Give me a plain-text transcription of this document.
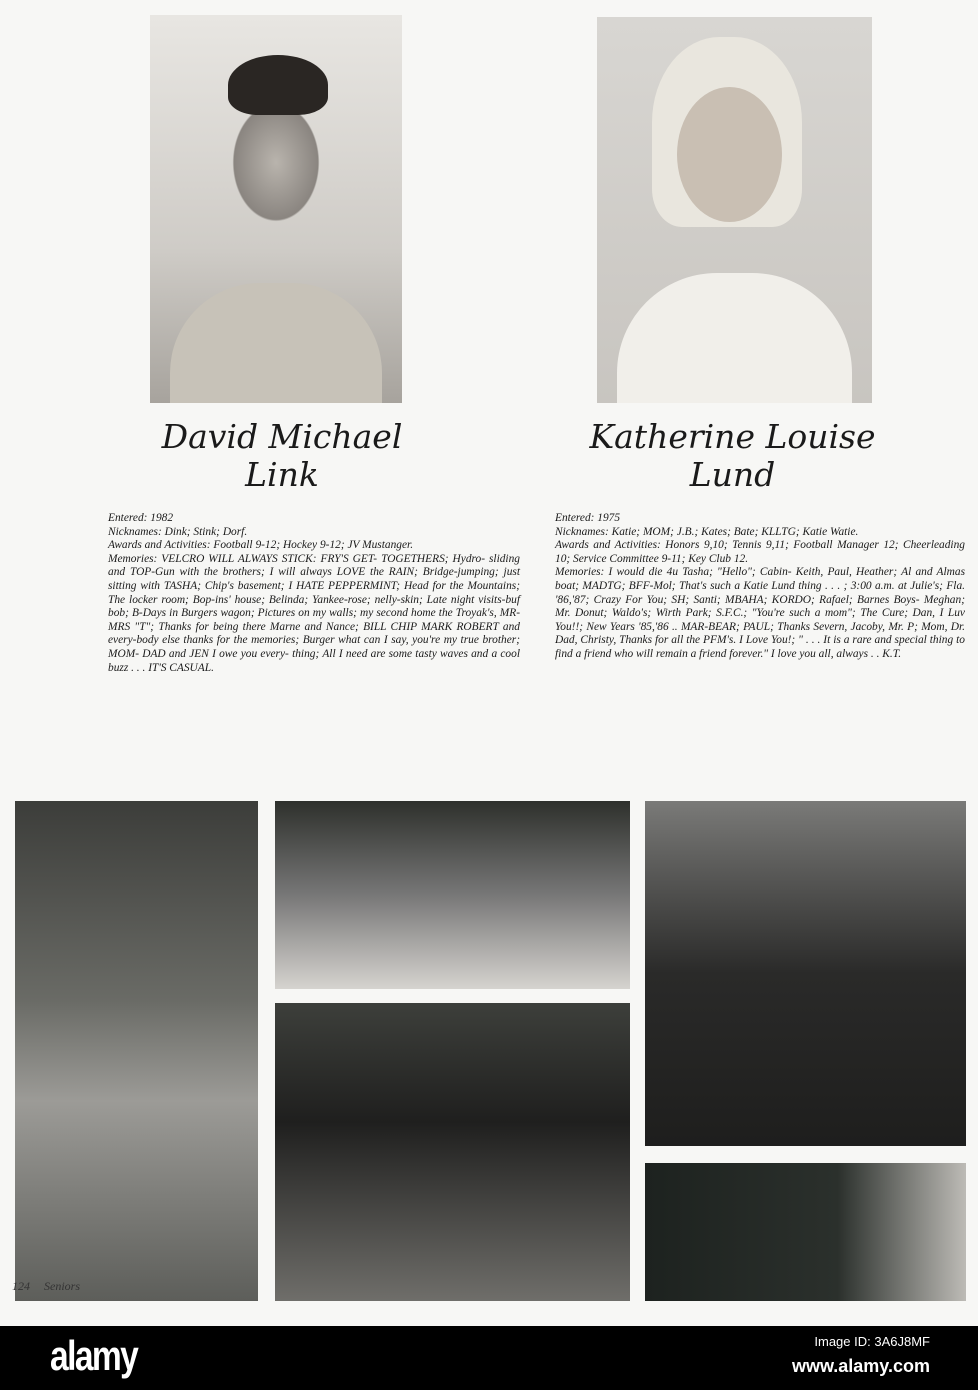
David Michael
Link
Katherine Louise
Lund

Entered: 1982

Nicknames: Dink; Stink; Dorf.

Awards and Activities: Football 9-12; Hockey 9-12; JV Mustanger.

Memories: VELCRO WILL ALWAYS STICK: FRY'S GET- TOGETHERS; Hydro- sliding and TOP-Gun with the brothers; I will always LOVE the RAIN; Bridge-jumping; just sitting with TASHA; Chip's basement; I HATE PEPPERMINT; Head for the Mountains; The locker room; Bop-ins' house; Belinda; Yankee-rose; nelly-skin; Late night visits-buf bob; B-Days in Burgers wagon; Pictures on my walls; my second home the Troyak's, MR-MRS "T"; Thanks for being there Marne and Nance; BILL CHIP MARK ROBERT and every-body else thanks for the memories; Burger what can I say, you're my true brother; MOM- DAD and JEN I owe you every- thing; All I need are some tasty waves and a cool buzz . . . IT'S CASUAL.

Entered: 1975

Nicknames: Katie; MOM; J.B.; Kates; Bate; KLLTG; Katie Watie.

Awards and Activities: Honors 9,10; Tennis 9,11; Football Manager 12; Cheerleading 10; Service Committee 9-11; Key Club 12.

Memories: I would die 4u Tasha; "Hello"; Cabin- Keith, Paul, Heather; Al and Almas boat; MADTG; BFF-Mol; That's such a Katie Lund thing . . . ; 3:00 a.m. at Julie's; Fla. '86,'87; Crazy For You; SH; Santi; MBAHA; KORDO; Rafael; Barnes Boys- Meghan; Mr. Donut; Waldo's; Wirth Park; S.F.C.; "You're such a mom"; The Cure; Dan, I Luv You!!; New Years '85,'86 .. MAR-BEAR; PAUL; Thanks Severn, Jacoby, Mr. P; Mom, Dr. Dad, Christy, Thanks for all the PFM's. I Love You!; " . . . It is a rare and special thing to find a friend who will remain a friend forever." I love you all, always . . K.T.

124 Seniors
alamy	Image ID: 3A6J8MF
www.alamy.com
